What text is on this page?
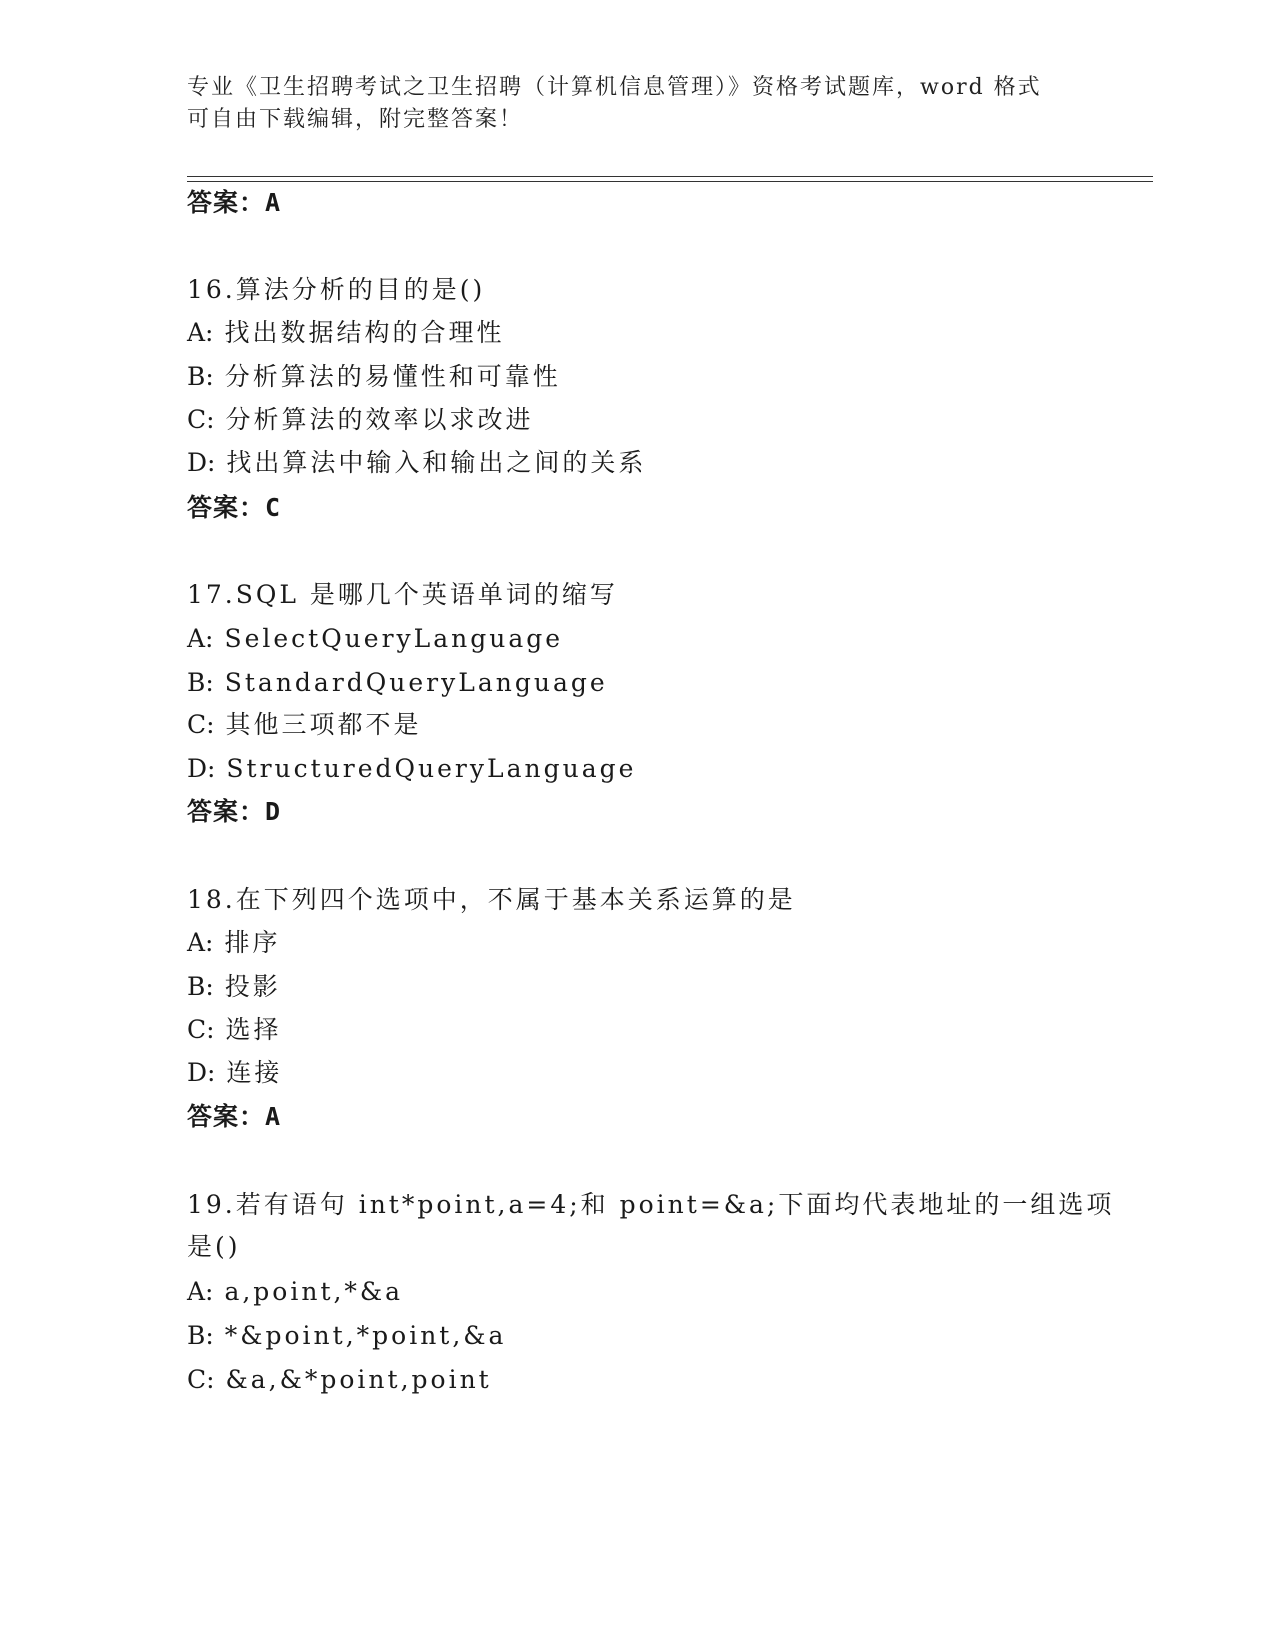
专业《卫生招聘考试之卫生招聘（计算机信息管理）》资格考试题库，word 格式
可自由下载编辑，附完整答案！
答案：A
16.算法分析的目的是()
A: 找出数据结构的合理性
B: 分析算法的易懂性和可靠性
C: 分析算法的效率以求改进
D: 找出算法中输入和输出之间的关系
答案：C
17.SQL 是哪几个英语单词的缩写
A: SelectQueryLanguage
B: StandardQueryLanguage
C: 其他三项都不是
D: StructuredQueryLanguage
答案：D
18.在下列四个选项中，不属于基本关系运算的是
A: 排序
B: 投影
C: 选择
D: 连接
答案：A
19.若有语句 int*point,a=4;和 point=&a;下面均代表地址的一组选项
是()
A: a,point,*&a
B: *&point,*point,&a
C: &a,&*point,point
